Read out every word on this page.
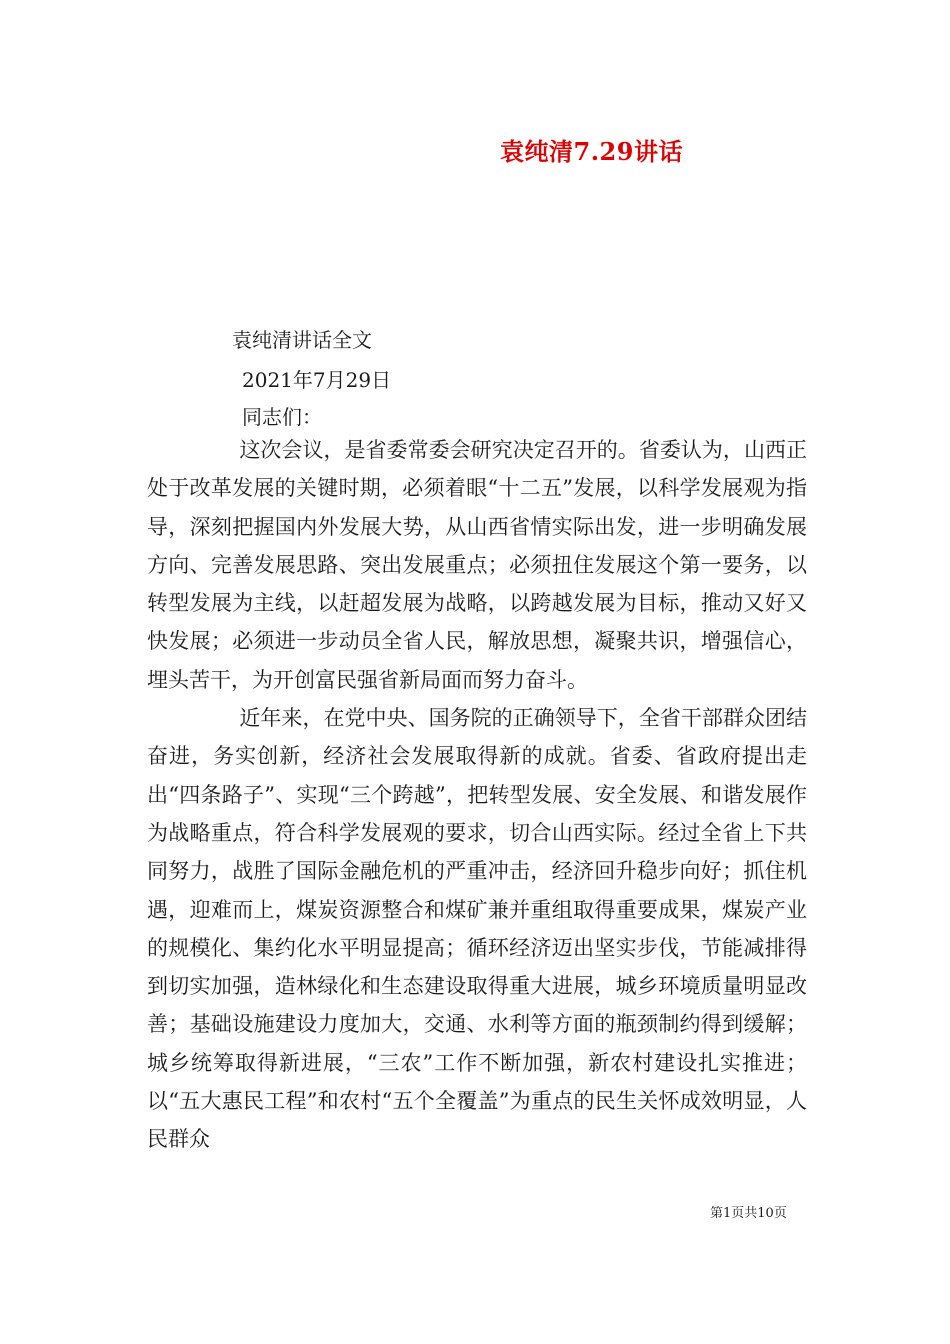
袁纯清7.29讲话
袁纯清讲话全文
2021年7月29日
同志们：

这次会议，是省委常委会研究决定召开的。省委认为，山西正处于改革发展的关键时期，必须着眼“十二五”发展，以科学发展观为指导，深刻把握国内外发展大势，从山西省情实际出发，进一步明确发展方向、完善发展思路、突出发展重点；必须扭住发展这个第一要务，以转型发展为主线，以赶超发展为战略，以跨越发展为目标，推动又好又快发展；必须进一步动员全省人民，解放思想，凝聚共识，增强信心，埋头苦干，为开创富民强省新局面而努力奋斗。

近年来，在党中央、国务院的正确领导下，全省干部群众团结奋进，务实创新，经济社会发展取得新的成就。省委、省政府提出走出“四条路子”、实现“三个跨越”，把转型发展、安全发展、和谐发展作为战略重点，符合科学发展观的要求，切合山西实际。经过全省上下共同努力，战胜了国际金融危机的严重冲击，经济回升稳步向好；抓住机遇，迎难而上，煤炭资源整合和煤矿兼并重组取得重要成果，煤炭产业的规模化、集约化水平明显提高；循环经济迈出坚实步伐，节能减排得到切实加强，造林绿化和生态建设取得重大进展，城乡环境质量明显改善；基础设施建设力度加大，交通、水利等方面的瓶颈制约得到缓解；城乡统筹取得新进展，“三农”工作不断加强，新农村建设扎实推进；以“五大惠民工程”和农村“五个全覆盖”为重点的民生关怀成效明显，人民群众

第1页共10页
